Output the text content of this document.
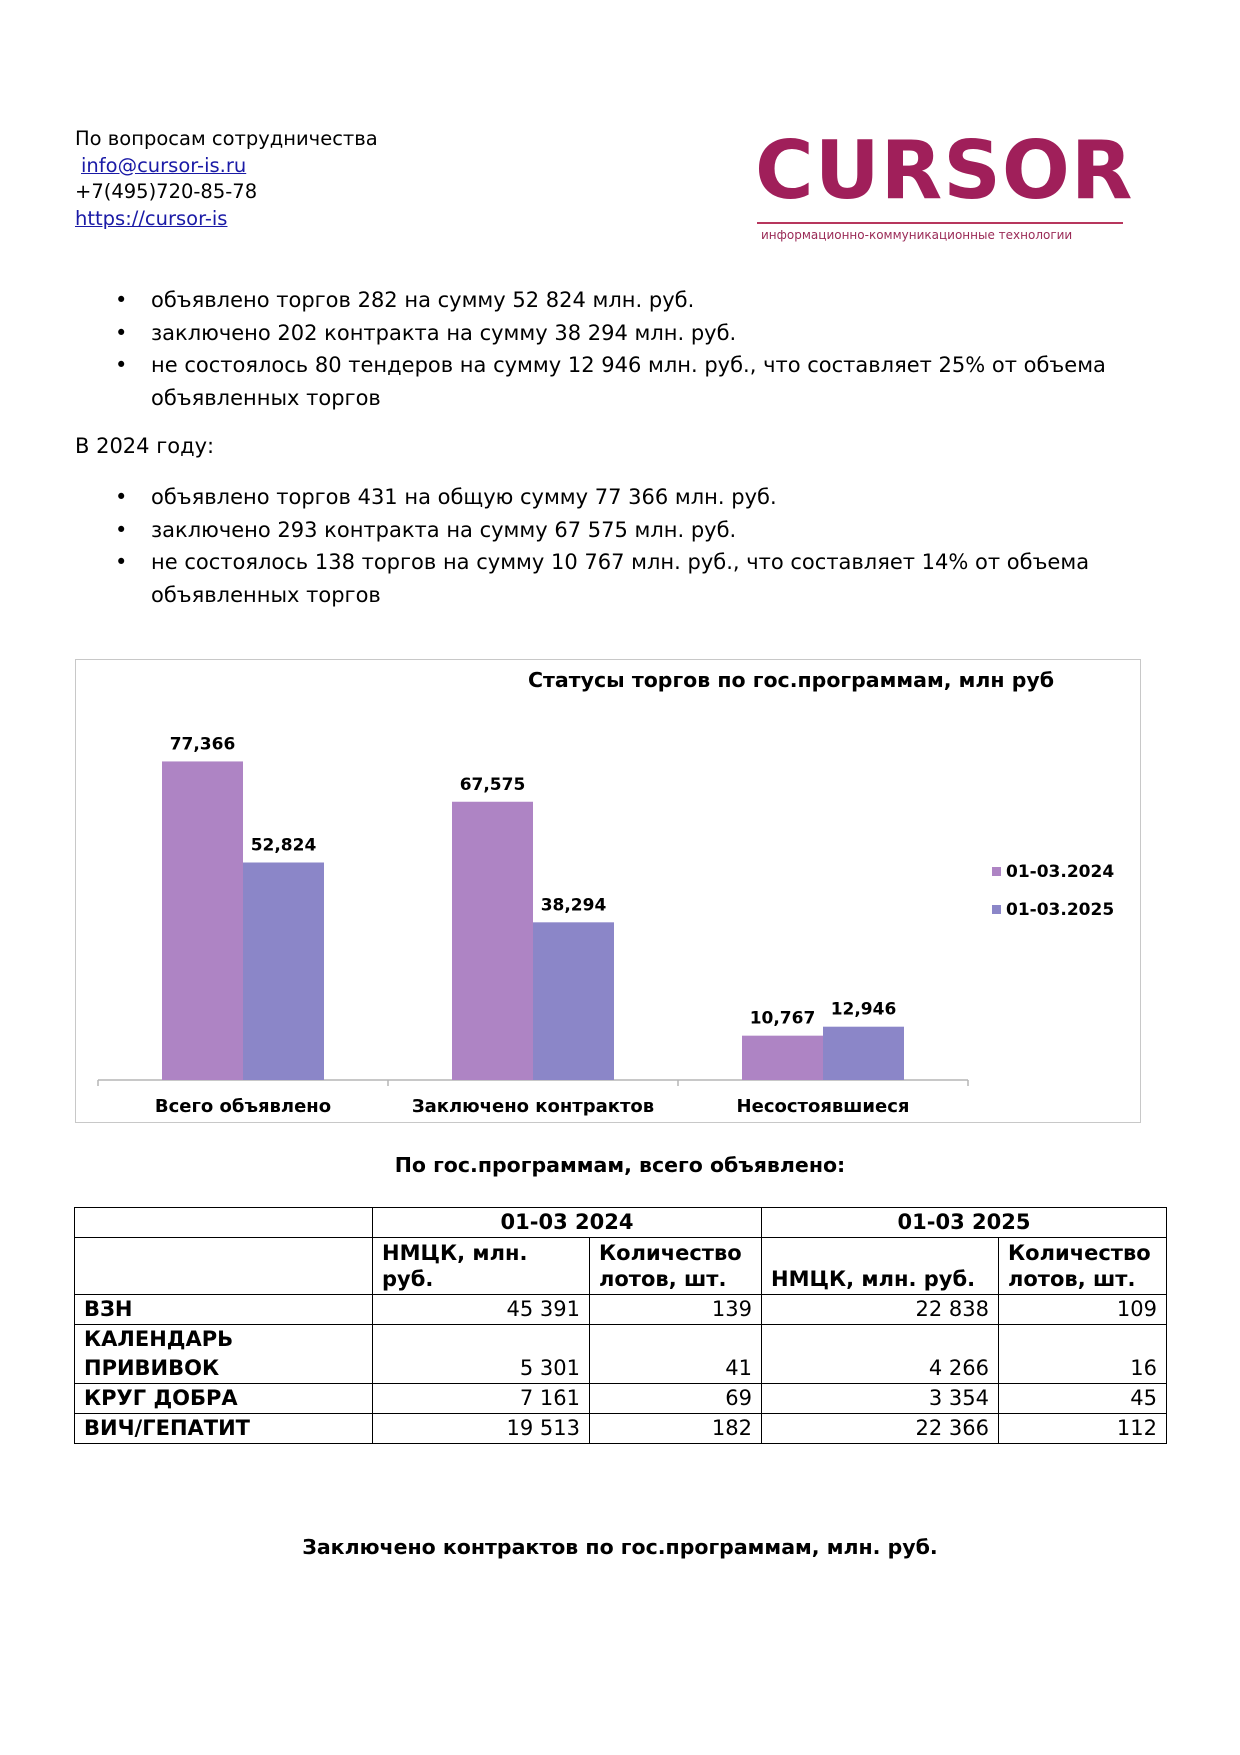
По вопросам сотрудничества
info@cursor-is.ru
+7(495)720-85-78
https://cursor-is
CURSOR
информационно-коммуникационные технологии
• объявлено торгов 282 на сумму 52 824 млн. руб.
• заключено 202 контракта на сумму 38 294 млн. руб.
• не состоялось 80 тендеров на сумму 12 946 млн. руб., что составляет 25% от объема объявленных торгов
В 2024 году:
• объявлено торгов 431 на общую сумму 77 366 млн. руб.
• заключено 293 контракта на сумму 67 575 млн. руб.
• не состоялось 138 торгов на сумму 10 767 млн. руб., что составляет 14% от объема объявленных торгов
Статусы торгов по гос.программам, млн руб
77,366
52,824
Всего объявлено
67,575
38,294
Заключено контрактов
10,767 12,946
Несостоявшиеся
01-03.2024
01-03.2025
По гос.программам, всего объявлено:
	01-03 2024		01-03 2025	
	НМЦК, млн. руб.	Количество лотов, шт.	НМЦК, млн. руб.	Количество лотов, шт.
ВЗН	45 391	139	22 838	109
КАЛЕНДАРЬ ПРИВИВОК	5 301	41	4 266	16
КРУГ ДОБРА	7 161	69	3 354	45
ВИЧ/ГЕПАТИТ	19 513	182	22 366	112
Заключено контрактов по гос.программам, млн. руб.
